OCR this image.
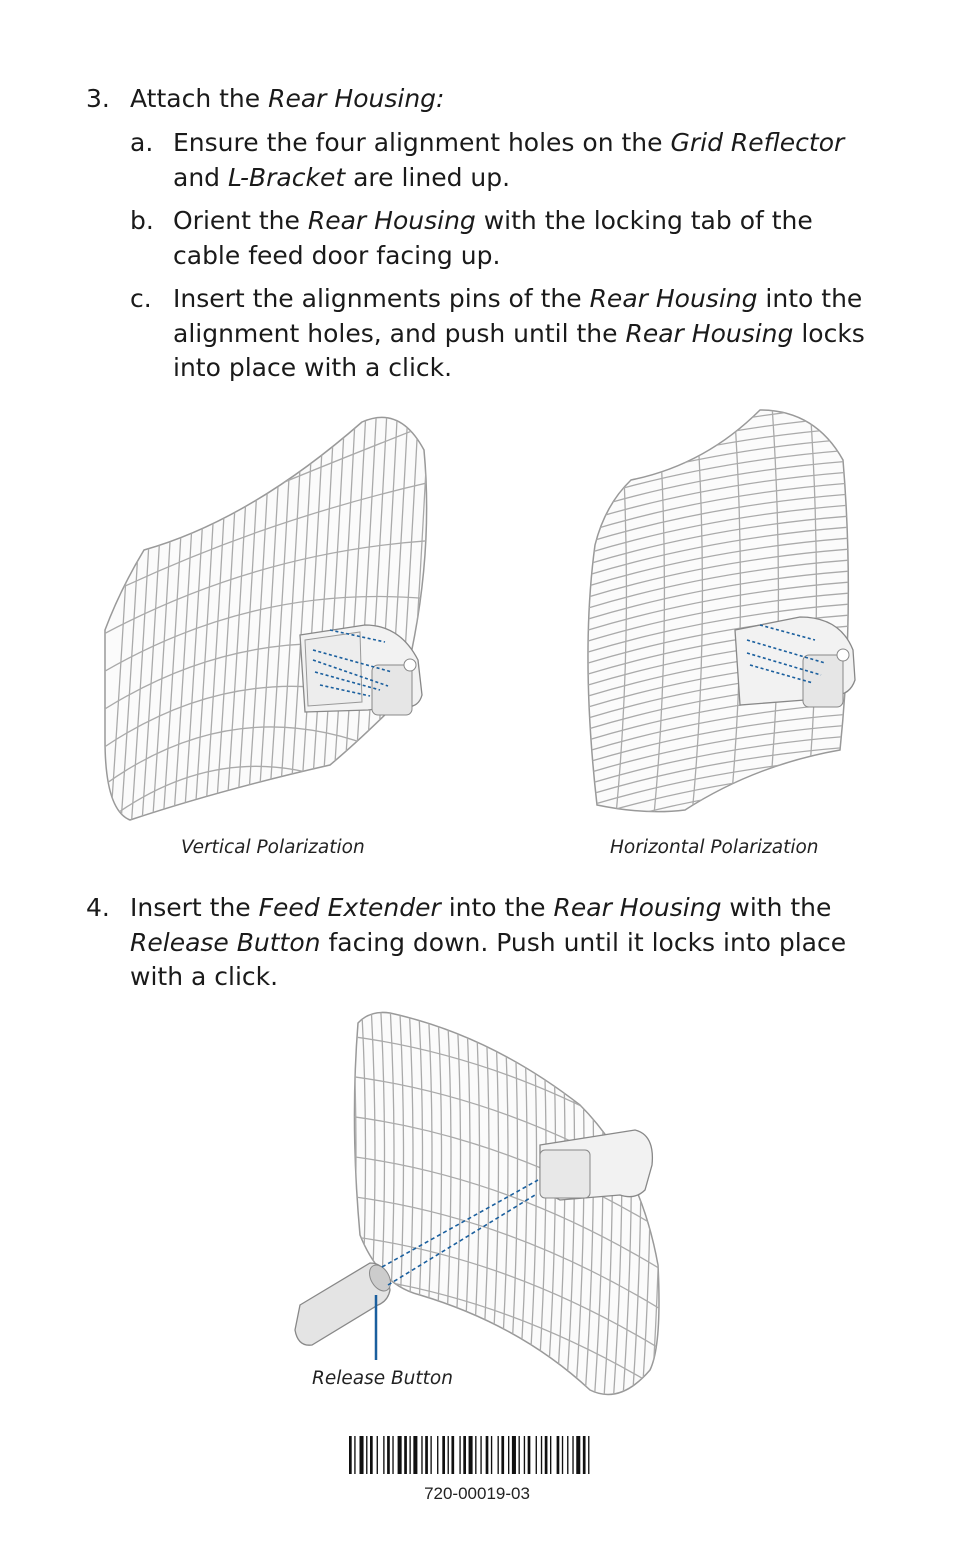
3. Attach the Rear Housing:
a. Ensure the four alignment holes on the Grid Reflector
and L-Bracket are lined up.
b. Orient the Rear Housing with the locking tab of the
cable feed door facing up.
c. Insert the alignments pins of the Rear Housing into the
alignment holes, and push until the Rear Housing locks
into place with a click.
Vertical Polarization	Horizontal Polarization
4. Insert the Feed Extender into the Rear Housing with the
Release Button facing down. Push until it locks into place
with a click.
Release Button
720-00019-03
